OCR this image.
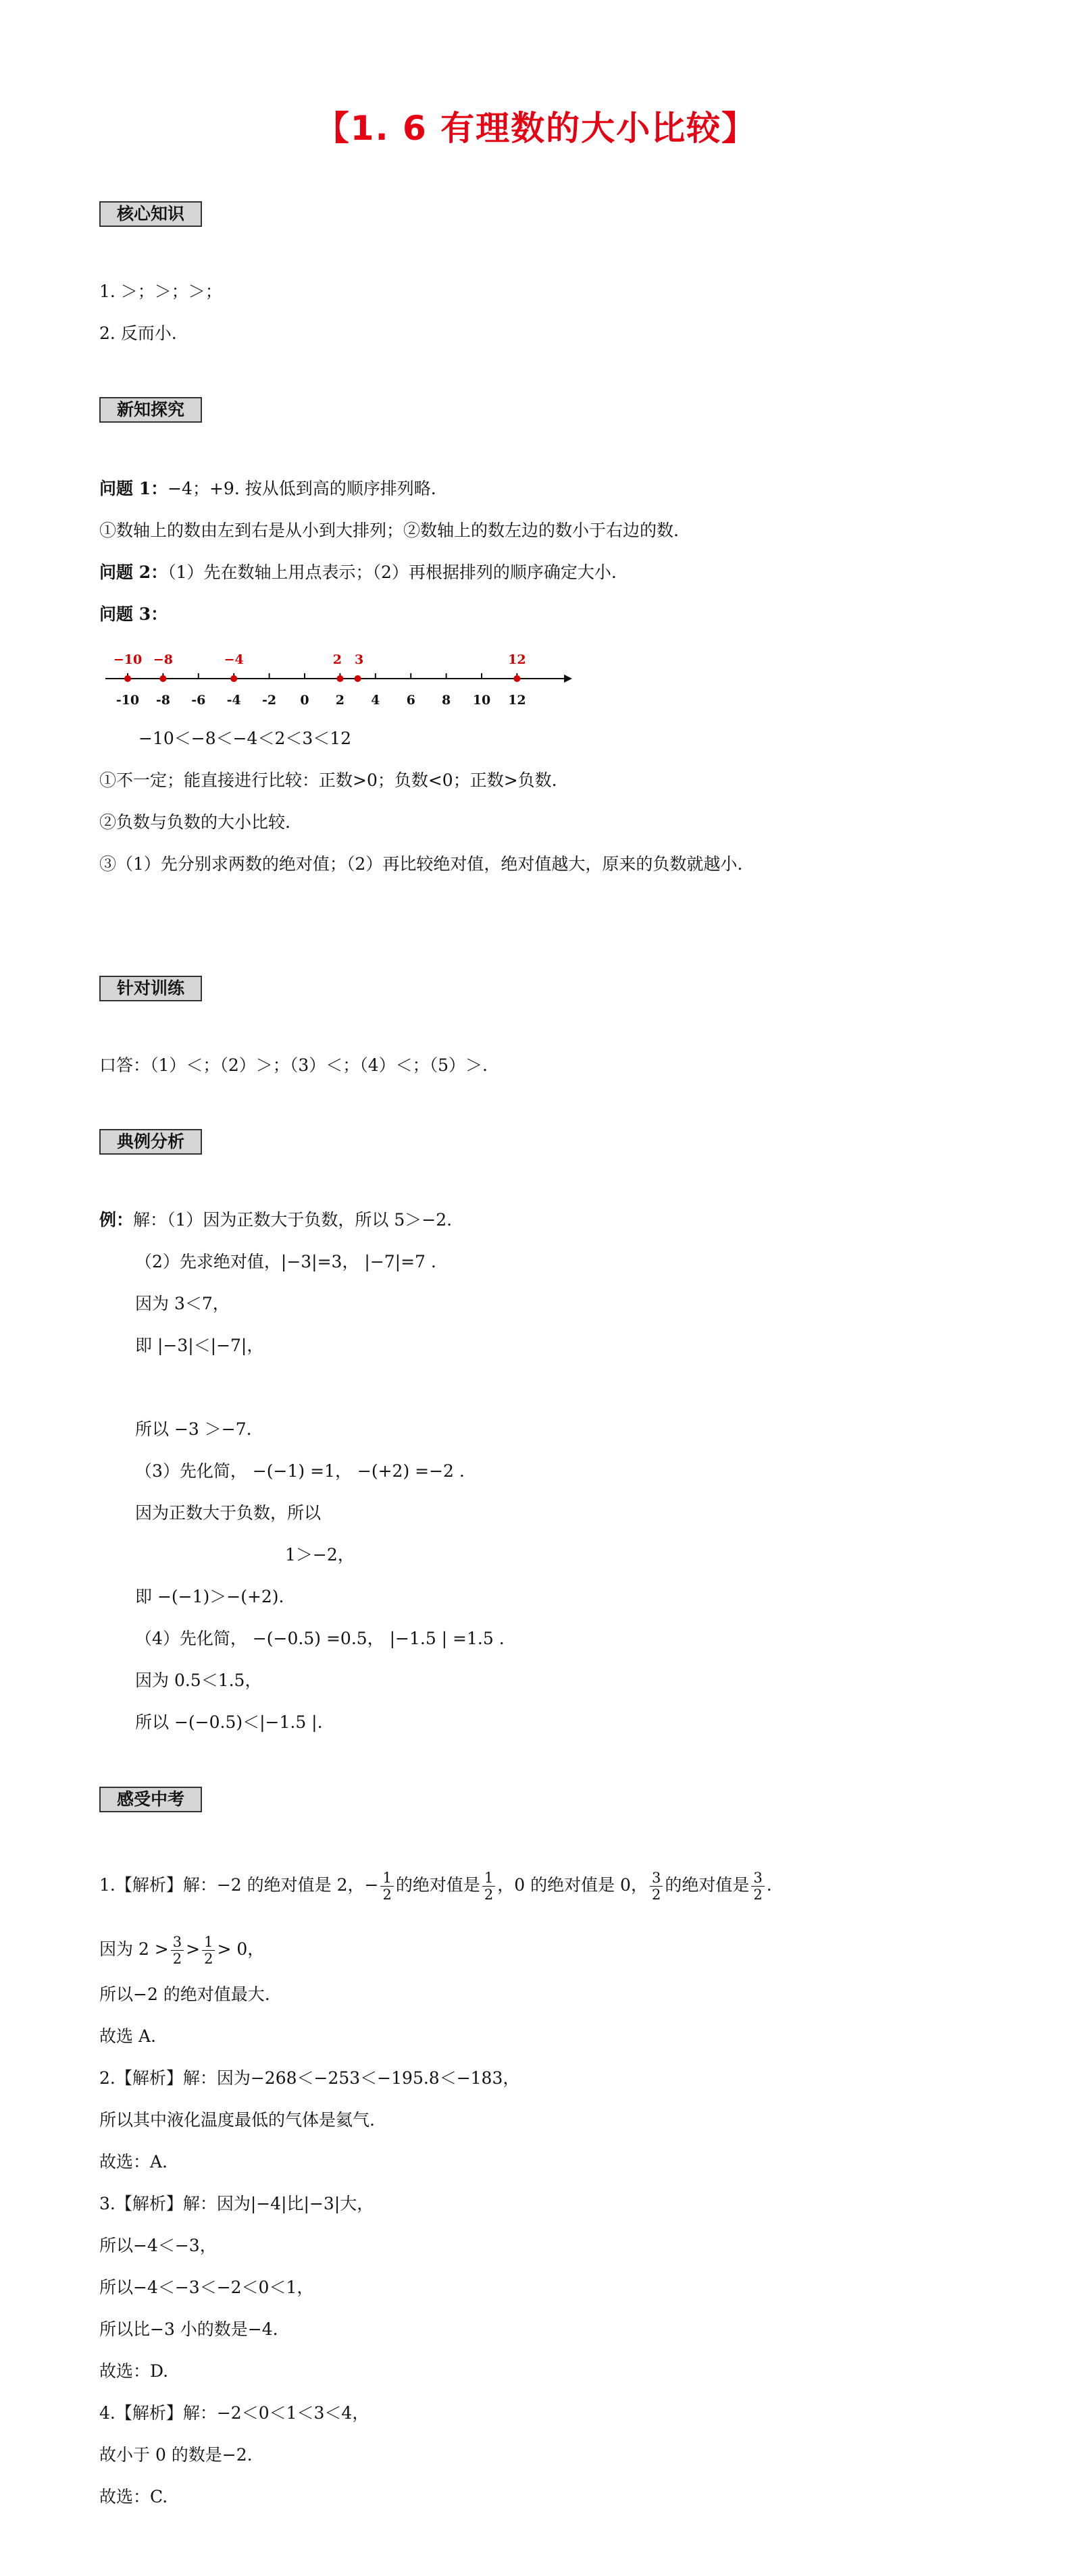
【1. 6 有理数的大小比较】
核心知识
1. ＞；＞；＞；
2. 反而小.
新知探究
问题 1：−4；+9. 按从低到高的顺序排列略.
①数轴上的数由左到右是从小到大排列；②数轴上的数左边的数小于右边的数.
问题 2：（1）先在数轴上用点表示；（2）再根据排列的顺序确定大小.
问题 3：
-10 -8 -6 -4 -2 0 2 4 6 8 10 12
−10 −8	−4	2 3	12
−10＜−8＜−4＜2＜3＜12
①不一定；能直接进行比较：正数>0；负数<0；正数>负数.
②负数与负数的大小比较.
③（1）先分别求两数的绝对值；（2）再比较绝对值，绝对值越大，原来的负数就越小.
针对训练
口答：（1）＜；（2）＞；（3）＜；（4）＜；（5）＞.
典例分析
例：解：（1）因为正数大于负数，所以 5＞−2.
（2）先求绝对值，|−3|=3， |−7|=7 .
因为 3＜7，
即 |−3|＜|−7|，
所以 −3 ＞−7.
（3）先化简， −(−1) =1， −(+2) =−2 .
因为正数大于负数，所以
1＞−2，
即 −(−1)＞−(+2).
（4）先化简， −(−0.5) =0.5， |−1.5 | =1.5 .
因为 0.5＜1.5，
所以 −(−0.5)＜|−1.5 |.
感受中考
1.【解析】解：−2 的绝对值是 2，− $\frac{1}{2}$ 的绝对值是 $\frac{1}{2}$ ，0 的绝对值是 0， $\frac{3}{2}$ 的绝对值是 $\frac{3}{2}$ .
因为 $2 > \frac{3}{2} > \frac{1}{2} > 0$，
所以−2 的绝对值最大.
故选 A.
2.【解析】解：因为−268＜−253＜−195.8＜−183，
所以其中液化温度最低的气体是氦气.
故选：A.
3.【解析】解：因为|−4|比|−3|大，
所以−4＜−3，
所以−4＜−3＜−2＜0＜1，
所以比−3 小的数是−4.
故选：D.
4.【解析】解：−2＜0＜1＜3＜4，
故小于 0 的数是−2.
故选：C.
